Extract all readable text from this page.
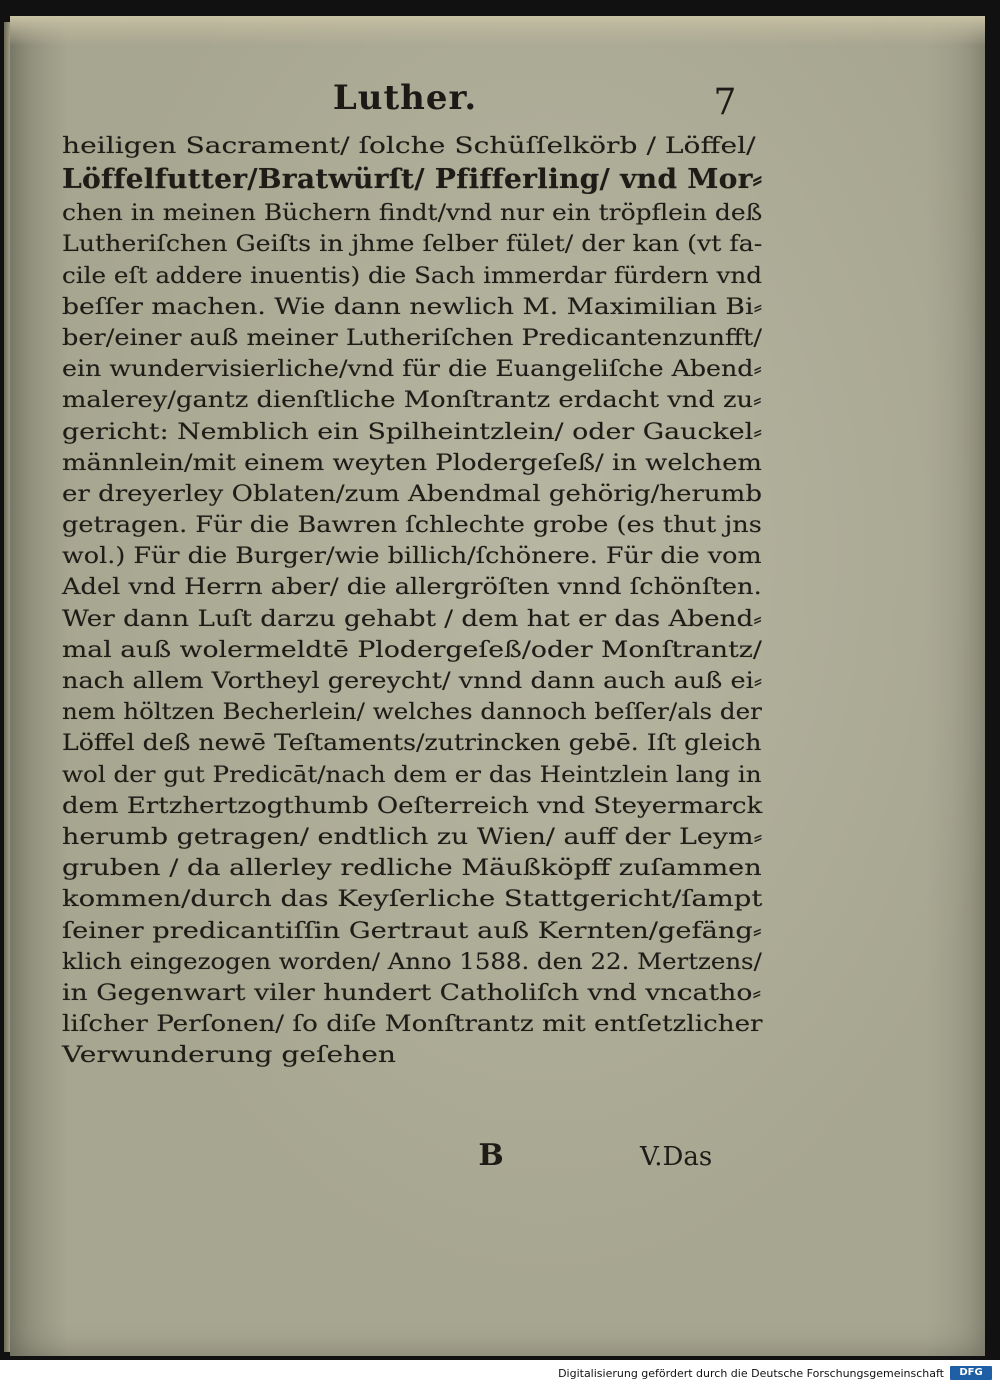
Luther.	7
heiligen Sacrament/ ſolche Schüſſelkörb / Löffel/
Löffelfutter/Bratwürſt/ Pfifferling/ vnd Mor⸗
chen in meinen Büchern findt/vnd nur ein tröpflein deß
Lutheriſchen Geiſts in jhme ſelber fület/ der kan (vt fa-
cile eſt addere inuentis) die Sach immerdar fürdern vnd
beſſer machen. Wie dann newlich M. Maximilian Bi⸗
ber/einer auß meiner Lutheriſchen Predicantenzunfft/
ein wundervisierliche/vnd für die Euangeliſche Abend⸗
malerey/gantz dienſtliche Monſtrantz erdacht vnd zu⸗
gericht: Nemblich ein Spilheintzlein/ oder Gauckel⸗
männlein/mit einem weyten Plodergeſeß/ in welchem
er dreyerley Oblaten/zum Abendmal gehörig/herumb
getragen. Für die Bawren ſchlechte grobe (es thut jns
wol.) Für die Burger/wie billich/ſchönere. Für die vom
Adel vnd Herrn aber/ die allergröſten vnnd ſchönſten.
Wer dann Luſt darzu gehabt / dem hat er das Abend⸗
mal auß wolermeldtē Plodergeſeß/oder Monſtrantz/
nach allem Vortheyl gereycht/ vnnd dann auch auß ei⸗
nem höltzen Becherlein/ welches dannoch beſſer/als der
Löffel deß newē Teſtaments/zutrincken gebē. Iſt gleich
wol der gut Predicāt/nach dem er das Heintzlein lang in
dem Ertzhertzogthumb Oeſterreich vnd Steyermarck
herumb getragen/ endtlich zu Wien/ auff der Leym⸗
gruben / da allerley redliche Mäußköpff zuſammen
kommen/durch das Keyſerliche Stattgericht/ſampt
ſeiner predicantiſſin Gertraut auß Kernten/gefäng⸗
klich eingezogen worden/ Anno 1588. den 22. Mertzens/
in Gegenwart viler hundert Catholiſch vnd vncatho⸗
liſcher Perſonen/ ſo diſe Monſtrantz mit entſetzlicher
Verwunderung geſehen
B	V.Das
Digitalisierung gefördert durch die Deutsche Forschungsgemeinschaft	DFG
